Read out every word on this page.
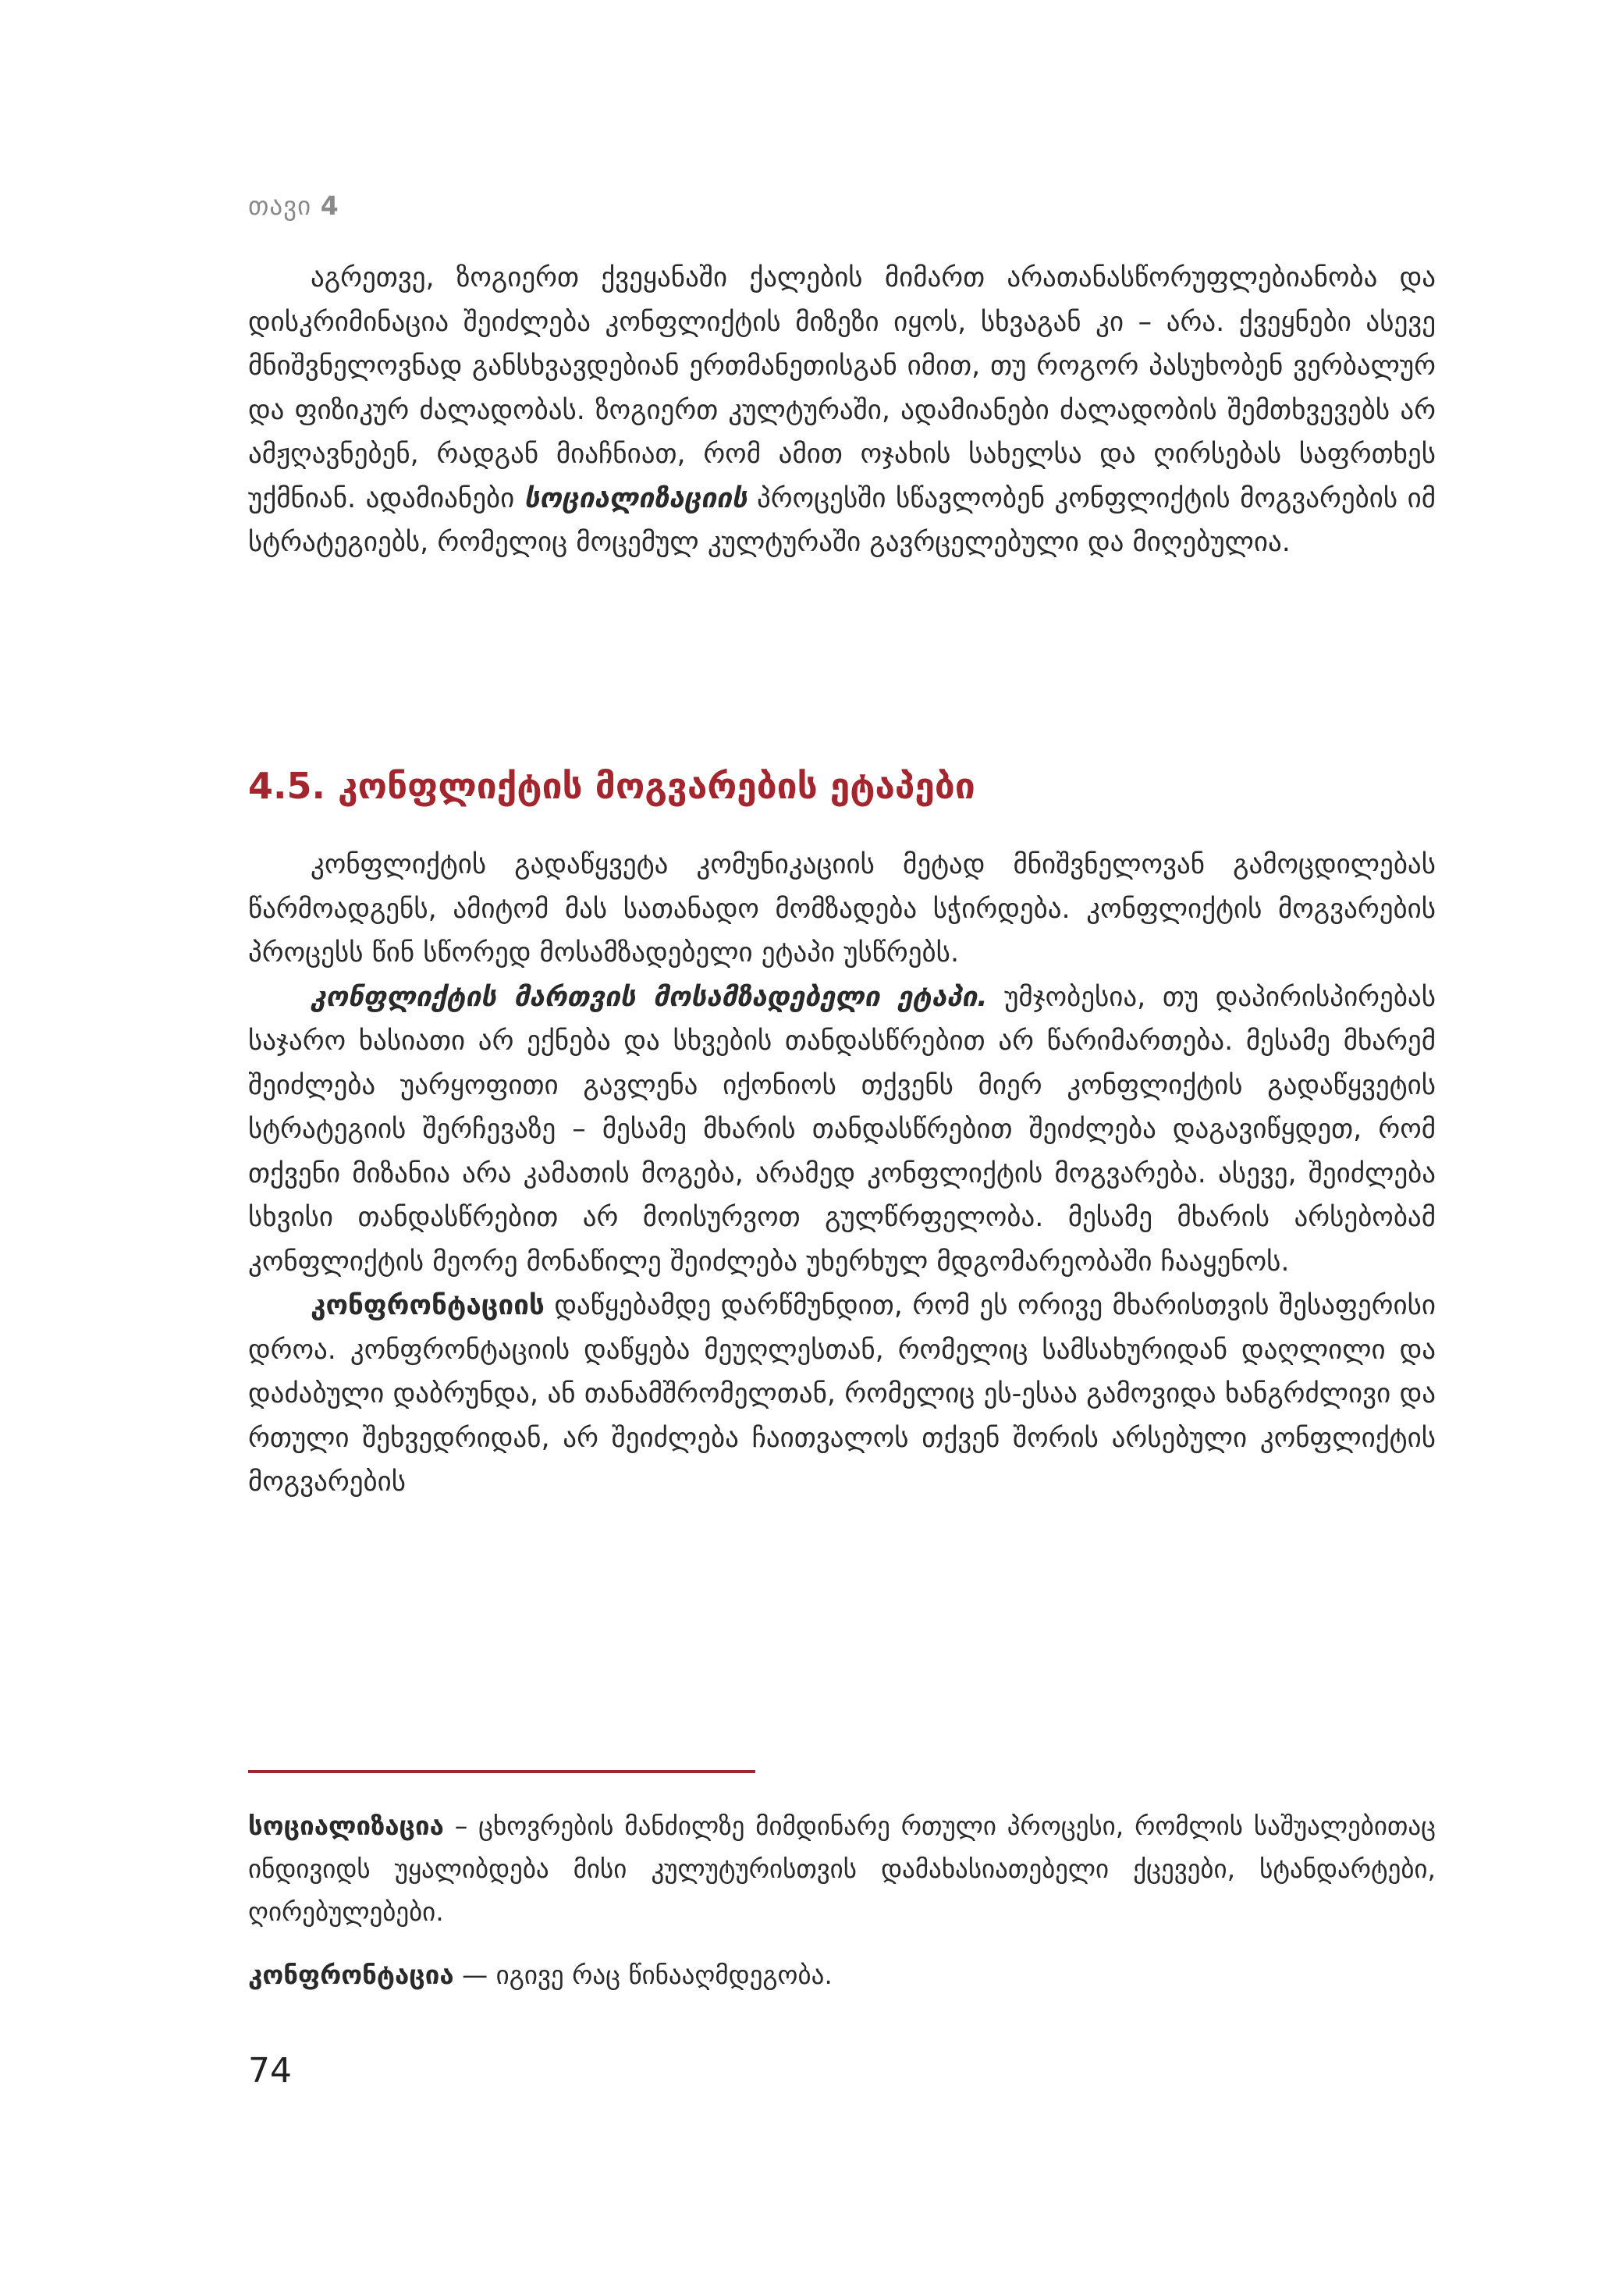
თავი 4

აგრეთვე, ზოგიერთ ქვეყანაში ქალების მიმართ არათანასწორუფლებიანობა და დისკრიმინაცია შეიძლება კონფლიქტის მიზეზი იყოს, სხვაგან კი – არა. ქვეყნები ასევე მნიშვნელოვნად განსხვავდებიან ერთმანეთისგან იმით, თუ როგორ პასუხობენ ვერბალურ და ფიზიკურ ძალადობას. ზოგიერთ კულტურაში, ადამიანები ძალადობის შემთხვევებს არ ამჟღავნებენ, რადგან მიაჩნიათ, რომ ამით ოჯახის სახელსა და ღირსებას საფრთხეს უქმნიან. ადამიანები სოციალიზაციის პროცესში სწავლობენ კონფლიქტის მოგვარების იმ სტრატეგიებს, რომელიც მოცემულ კულტურაში გავრცელებული და მიღებულია.

4.5. კონფლიქტის მოგვარების ეტაპები

კონფლიქტის გადაწყვეტა კომუნიკაციის მეტად მნიშვნელოვან გამოცდილებას წარმოადგენს, ამიტომ მას სათანადო მომზადება სჭირდება. კონფლიქტის მოგვარების პროცესს წინ სწორედ მოსამზადებელი ეტაპი უსწრებს.

კონფლიქტის მართვის მოსამზადებელი ეტაპი. უმჯობესია, თუ დაპირისპირებას საჯარო ხასიათი არ ექნება და სხვების თანდასწრებით არ წარიმართება. მესამე მხარემ შეიძლება უარყოფითი გავლენა იქონიოს თქვენს მიერ კონფლიქტის გადაწყვეტის სტრატეგიის შერჩევაზე – მესამე მხარის თანდასწრებით შეიძლება დაგავიწყდეთ, რომ თქვენი მიზანია არა კამათის მოგება, არამედ კონფლიქტის მოგვარება. ასევე, შეიძლება სხვისი თანდასწრებით არ მოისურვოთ გულწრფელობა. მესამე მხარის არსებობამ კონფლიქტის მეორე მონაწილე შეიძლება უხერხულ მდგომარეობაში ჩააყენოს.

კონფრონტაციის დაწყებამდე დარწმუნდით, რომ ეს ორივე მხარისთვის შესაფერისი დროა. კონფრონტაციის დაწყება მეუღლესთან, რომელიც სამსახურიდან დაღლილი და დაძაბული დაბრუნდა, ან თანამშრომელთან, რომელიც ეს-ესაა გამოვიდა ხანგრძლივი და რთული შეხვედრიდან, არ შეიძლება ჩაითვალოს თქვენ შორის არსებული კონფლიქტის მოგვარების

სოციალიზაცია – ცხოვრების მანძილზე მიმდინარე რთული პროცესი, რომლის საშუალებითაც ინდივიდს უყალიბდება მისი კულუტურისთვის დამახასიათებელი ქცევები, სტანდარტები, ღირებულებები.

კონფრონტაცია — იგივე რაც წინააღმდეგობა.

74
